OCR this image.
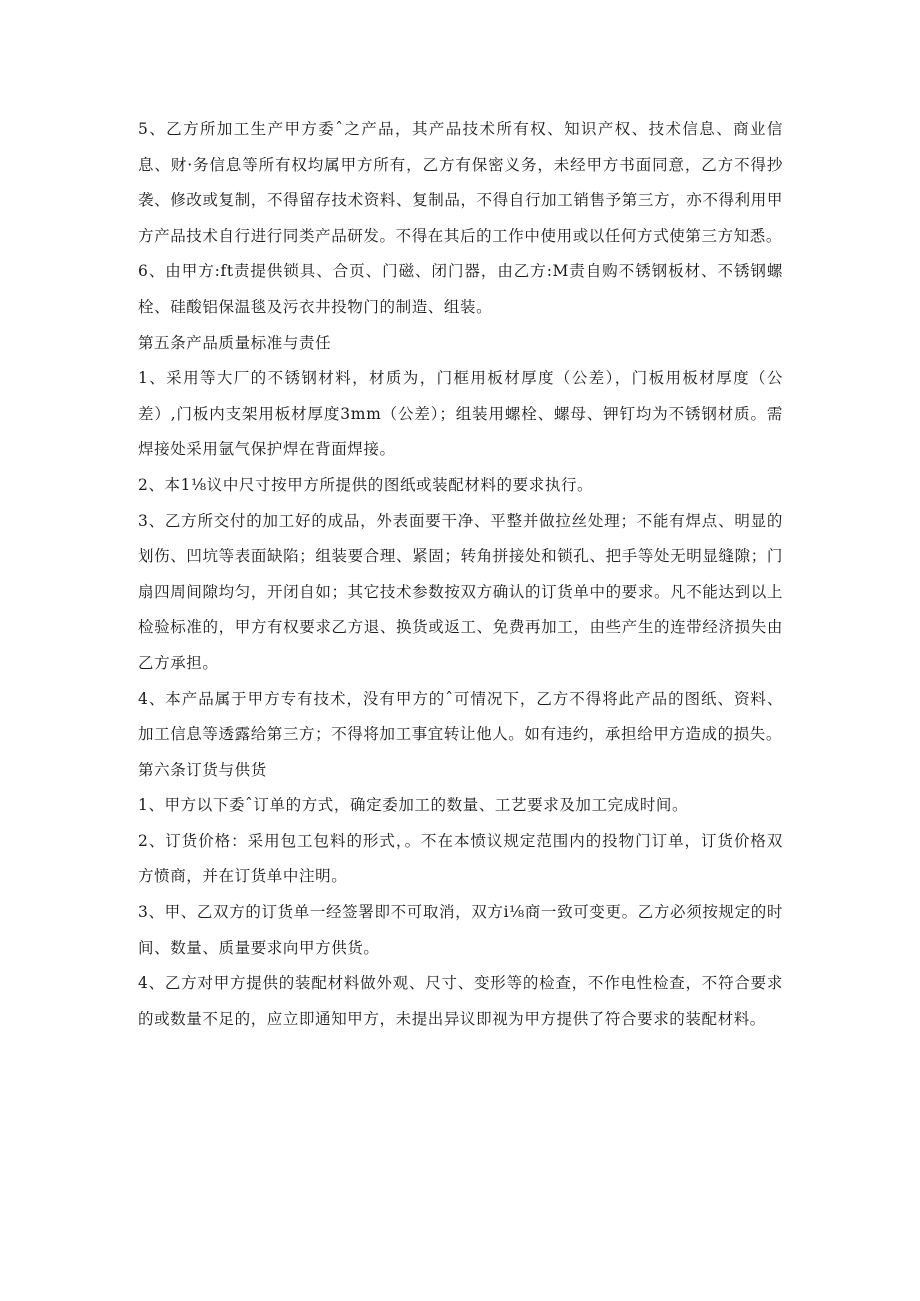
5、乙方所加工生产甲方委ˆ之产品，其产品技术所有权、知识产权、技术信息、商业信息、财·务信息等所有权均属甲方所有，乙方有保密义务，未经甲方书面同意，乙方不得抄袭、修改或复制，不得留存技术资料、复制品，不得自行加工销售予第三方，亦不得利用甲方产品技术自行进行同类产品研发。不得在其后的工作中使用或以任何方式使第三方知悉。

6、由甲方:ft责提供锁具、合页、门磁、闭门器，由乙方:M责自购不锈钢板材、不锈钢螺栓、硅酸铝保温毯及污衣井投物门的制造、组装。

第五条产品质量标准与责任

1、采用等大厂的不锈钢材料，材质为，门框用板材厚度（公差），门板用板材厚度（公差）,门板内支架用板材厚度3mm（公差）；组装用螺栓、螺母、钾钉均为不锈钢材质。需焊接处采用氩气保护焊在背面焊接。

2、本1⅛议中尺寸按甲方所提供的图纸或装配材料的要求执行。

3、乙方所交付的加工好的成品，外表面要干净、平整并做拉丝处理；不能有焊点、明显的划伤、凹坑等表面缺陷；组装要合理、紧固；转角拼接处和锁孔、把手等处无明显缝隙；门扇四周间隙均匀，开闭自如；其它技术参数按双方确认的订货单中的要求。凡不能达到以上检验标准的，甲方有权要求乙方退、换货或返工、免费再加工，由些产生的连带经济损失由乙方承担。

4、本产品属于甲方专有技术，没有甲方的ˆ可情况下，乙方不得将此产品的图纸、资料、加工信息等透露给第三方；不得将加工事宜转让他人。如有违约，承担给甲方造成的损失。

第六条订货与供货

1、甲方以下委ˆ订单的方式，确定委加工的数量、工艺要求及加工完成时间。

2、订货价格：采用包工包料的形式，。不在本愤议规定范围内的投物门订单，订货价格双方愤商，并在订货单中注明。

3、甲、乙双方的订货单一经签署即不可取消，双方i⅛商一致可变更。乙方必须按规定的时间、数量、质量要求向甲方供货。

4、乙方对甲方提供的装配材料做外观、尺寸、变形等的检查，不作电性检查，不符合要求的或数量不足的，应立即通知甲方，未提出异议即视为甲方提供了符合要求的装配材料。
